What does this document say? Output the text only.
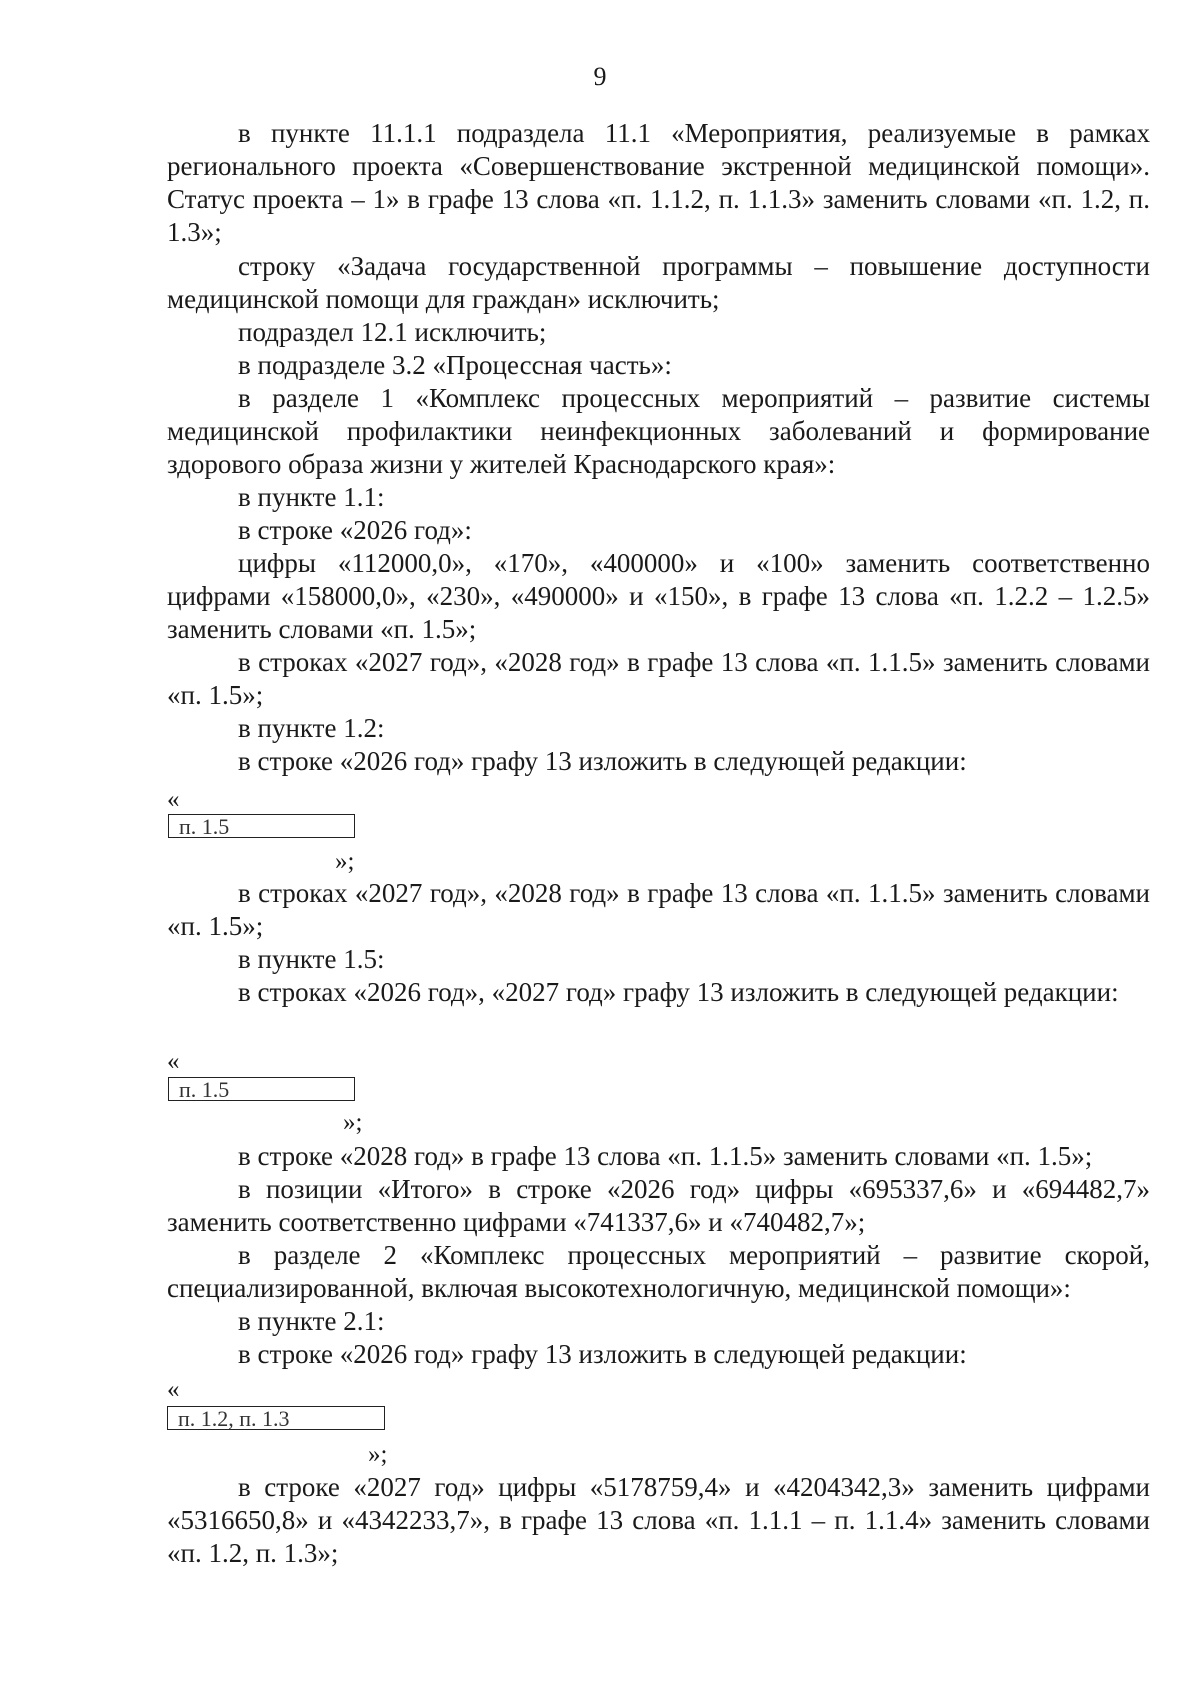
9

в пункте 11.1.1 подраздела 11.1 «Мероприятия, реализуемые в рамках регионального проекта «Совершенствование экстренной медицинской помощи». Статус проекта – 1» в графе 13 слова «п. 1.1.2, п. 1.1.3» заменить словами «п. 1.2, п. 1.3»;

строку «Задача государственной программы – повышение доступности медицинской помощи для граждан» исключить;

подраздел 12.1 исключить;

в подразделе 3.2 «Процессная часть»:

в разделе 1 «Комплекс процессных мероприятий – развитие системы медицинской профилактики неинфекционных заболеваний и формирование здорового образа жизни у жителей Краснодарского края»:

в пункте 1.1:

в строке «2026 год»:

цифры «112000,0», «170», «400000» и «100» заменить соответственно цифрами «158000,0», «230», «490000» и «150», в графе 13 слова «п. 1.2.2 – 1.2.5» заменить словами «п. 1.5»;

в строках «2027 год», «2028 год» в графе 13 слова «п. 1.1.5» заменить словами «п. 1.5»;

в пункте 1.2:

в строке «2026 год» графу 13 изложить в следующей редакции:

«
п. 1.5
»;

в строках «2027 год», «2028 год» в графе 13 слова «п. 1.1.5» заменить словами «п. 1.5»;

в пункте 1.5:

в строках «2026 год», «2027 год» графу 13 изложить в следующей редакции:

«
п. 1.5
»;

в строке «2028 год» в графе 13 слова «п. 1.1.5» заменить словами «п. 1.5»;

в позиции «Итого» в строке «2026 год» цифры «695337,6» и «694482,7» заменить соответственно цифрами «741337,6» и «740482,7»;

в разделе 2 «Комплекс процессных мероприятий – развитие скорой, специализированной, включая высокотехнологичную, медицинской помощи»:

в пункте 2.1:

в строке «2026 год» графу 13 изложить в следующей редакции:

«
п. 1.2, п. 1.3
»;

в строке «2027 год» цифры «5178759,4» и «4204342,3» заменить цифрами «5316650,8» и «4342233,7», в графе 13 слова «п. 1.1.1 – п. 1.1.4» заменить словами «п. 1.2, п. 1.3»;
